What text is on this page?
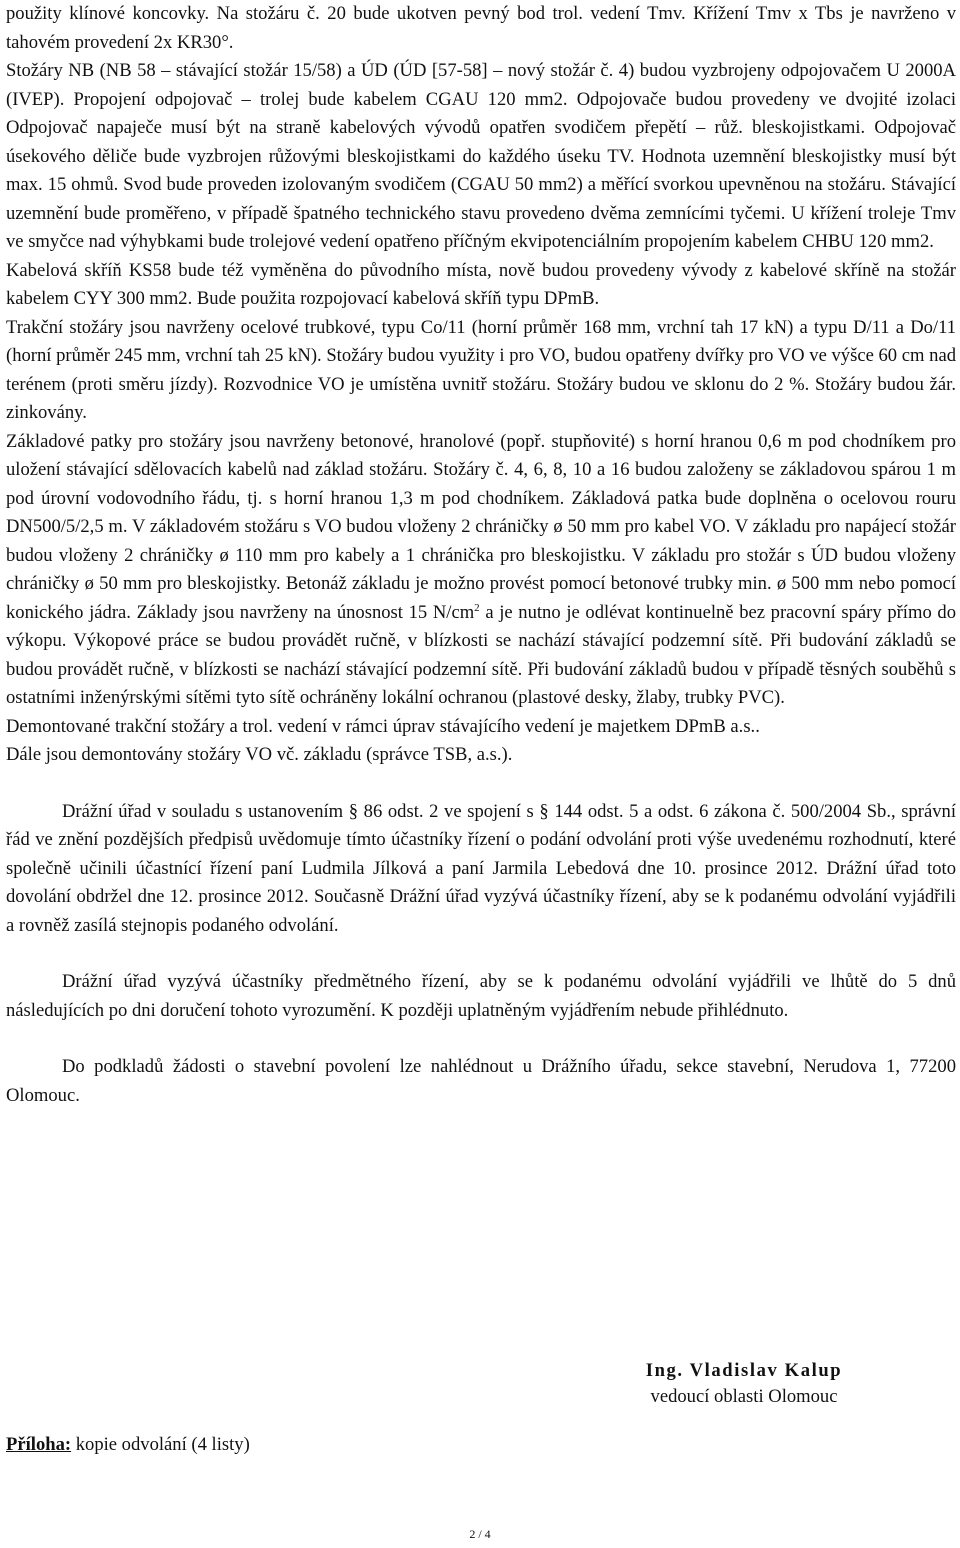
použity klínové koncovky. Na stožáru č. 20 bude ukotven pevný bod trol. vedení Tmv. Křížení Tmv x Tbs je navrženo v tahovém provedení 2x KR30°.

Stožáry NB (NB 58 – stávající stožár 15/58) a ÚD (ÚD [57-58] – nový stožár č. 4) budou vyzbrojeny odpojovačem U 2000A (IVEP). Propojení odpojovač – trolej bude kabelem CGAU 120 mm2. Odpojovače budou provedeny ve dvojité izolaci Odpojovač napaječe musí být na straně kabelových vývodů opatřen svodičem přepětí – růž. bleskojistkami. Odpojovač úsekového děliče bude vyzbrojen růžovými bleskojistkami do každého úseku TV. Hodnota uzemnění bleskojistky musí být max. 15 ohmů. Svod bude proveden izolovaným svodičem (CGAU 50 mm2) a měřící svorkou upevněnou na stožáru. Stávající uzemnění bude proměřeno, v případě špatného technického stavu provedeno dvěma zemnícími tyčemi. U křížení troleje Tmv ve smyčce nad výhybkami bude trolejové vedení opatřeno příčným ekvipotenciálním propojením kabelem CHBU 120 mm2.

Kabelová skříň KS58 bude též vyměněna do původního místa, nově budou provedeny vývody z kabelové skříně na stožár kabelem CYY 300 mm2. Bude použita rozpojovací kabelová skříň typu DPmB.

Trakční stožáry jsou navrženy ocelové trubkové, typu Co/11 (horní průměr 168 mm, vrchní tah 17 kN) a typu D/11 a Do/11 (horní průměr 245 mm, vrchní tah 25 kN). Stožáry budou využity i pro VO, budou opatřeny dvířky pro VO ve výšce 60 cm nad terénem (proti směru jízdy). Rozvodnice VO je umístěna uvnitř stožáru. Stožáry budou ve sklonu do 2 %. Stožáry budou žár. zinkovány.

Základové patky pro stožáry jsou navrženy betonové, hranolové (popř. stupňovité) s horní hranou 0,6 m pod chodníkem pro uložení stávající sdělovacích kabelů nad základ stožáru. Stožáry č. 4, 6, 8, 10 a 16 budou založeny se základovou spárou 1 m pod úrovní vodovodního řádu, tj. s horní hranou 1,3 m pod chodníkem. Základová patka bude doplněna o ocelovou rouru DN500/5/2,5 m. V základovém stožáru s VO budou vloženy 2 chráničky ø 50 mm pro kabel VO. V základu pro napájecí stožár budou vloženy 2 chráničky ø 110 mm pro kabely a 1 chránička pro bleskojistku. V základu pro stožár s ÚD budou vloženy chráničky ø 50 mm pro bleskojistky. Betonáž základu je možno provést pomocí betonové trubky min. ø 500 mm nebo pomocí konického jádra. Základy jsou navrženy na únosnost 15 $N/cm^2$ a je nutno je odlévat kontinuelně bez pracovní spáry přímo do výkopu. Výkopové práce se budou provádět ručně, v blízkosti se nachází stávající podzemní sítě. Při budování základů se budou provádět ručně, v blízkosti se nachází stávající podzemní sítě. Při budování základů budou v případě těsných souběhů s ostatními inženýrskými sítěmi tyto sítě ochráněny lokální ochranou (plastové desky, žlaby, trubky PVC).

Demontované trakční stožáry a trol. vedení v rámci úprav stávajícího vedení je majetkem DPmB a.s..

Dále jsou demontovány stožáry VO vč. základu (správce TSB, a.s.).

Drážní úřad v souladu s ustanovením § 86 odst. 2 ve spojení s § 144 odst. 5 a odst. 6 zákona č. 500/2004 Sb., správní řád ve znění pozdějších předpisů uvědomuje tímto účastníky řízení o podání odvolání proti výše uvedenému rozhodnutí, které společně učinili účastnící řízení paní Ludmila Jílková a paní Jarmila Lebedová dne 10. prosince 2012. Drážní úřad toto dovolání obdržel dne 12. prosince 2012. Současně Drážní úřad vyzývá účastníky řízení, aby se k podanému odvolání vyjádřili a rovněž zasílá stejnopis podaného odvolání.

Drážní úřad vyzývá účastníky předmětného řízení, aby se k podanému odvolání vyjádřili ve lhůtě do 5 dnů následujících po dni doručení tohoto vyrozumění. K později uplatněným vyjádřením nebude přihlédnuto.

Do podkladů žádosti o stavební povolení lze nahlédnout u Drážního úřadu, sekce stavební, Nerudova 1, 77200 Olomouc.

Ing. Vladislav Kalup
vedoucí oblasti Olomouc
Příloha: kopie odvolání (4 listy)
2 / 4
